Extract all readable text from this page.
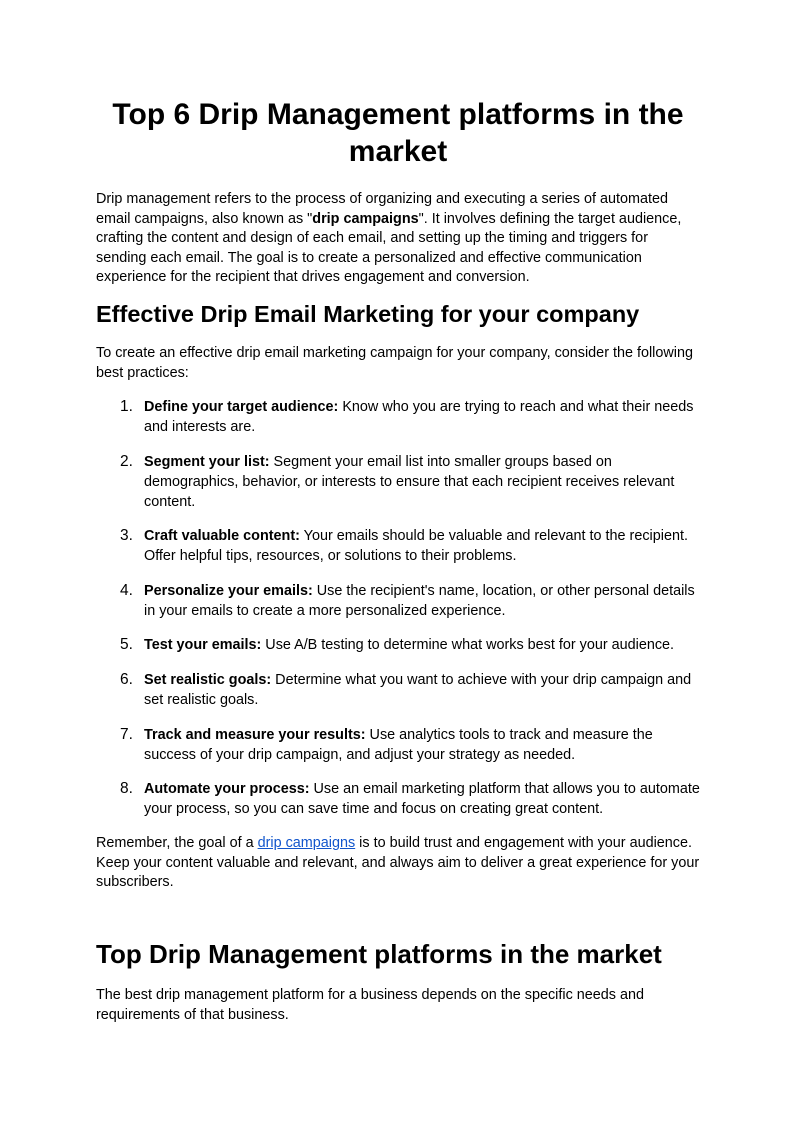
Top 6 Drip Management platforms in the market

Drip management refers to the process of organizing and executing a series of automated email campaigns, also known as "drip campaigns". It involves defining the target audience, crafting the content and design of each email, and setting up the timing and triggers for sending each email. The goal is to create a personalized and effective communication experience for the recipient that drives engagement and conversion.

Effective Drip Email Marketing for your company

To create an effective drip email marketing campaign for your company, consider the following best practices:

1. Define your target audience: Know who you are trying to reach and what their needs and interests are.
2. Segment your list: Segment your email list into smaller groups based on demographics, behavior, or interests to ensure that each recipient receives relevant content.
3. Craft valuable content: Your emails should be valuable and relevant to the recipient. Offer helpful tips, resources, or solutions to their problems.
4. Personalize your emails: Use the recipient's name, location, or other personal details in your emails to create a more personalized experience.
5. Test your emails: Use A/B testing to determine what works best for your audience.
6. Set realistic goals: Determine what you want to achieve with your drip campaign and set realistic goals.
7. Track and measure your results: Use analytics tools to track and measure the success of your drip campaign, and adjust your strategy as needed.
8. Automate your process: Use an email marketing platform that allows you to automate your process, so you can save time and focus on creating great content.

Remember, the goal of a drip campaigns is to build trust and engagement with your audience. Keep your content valuable and relevant, and always aim to deliver a great experience for your subscribers.

Top Drip Management platforms in the market

The best drip management platform for a business depends on the specific needs and requirements of that business.
